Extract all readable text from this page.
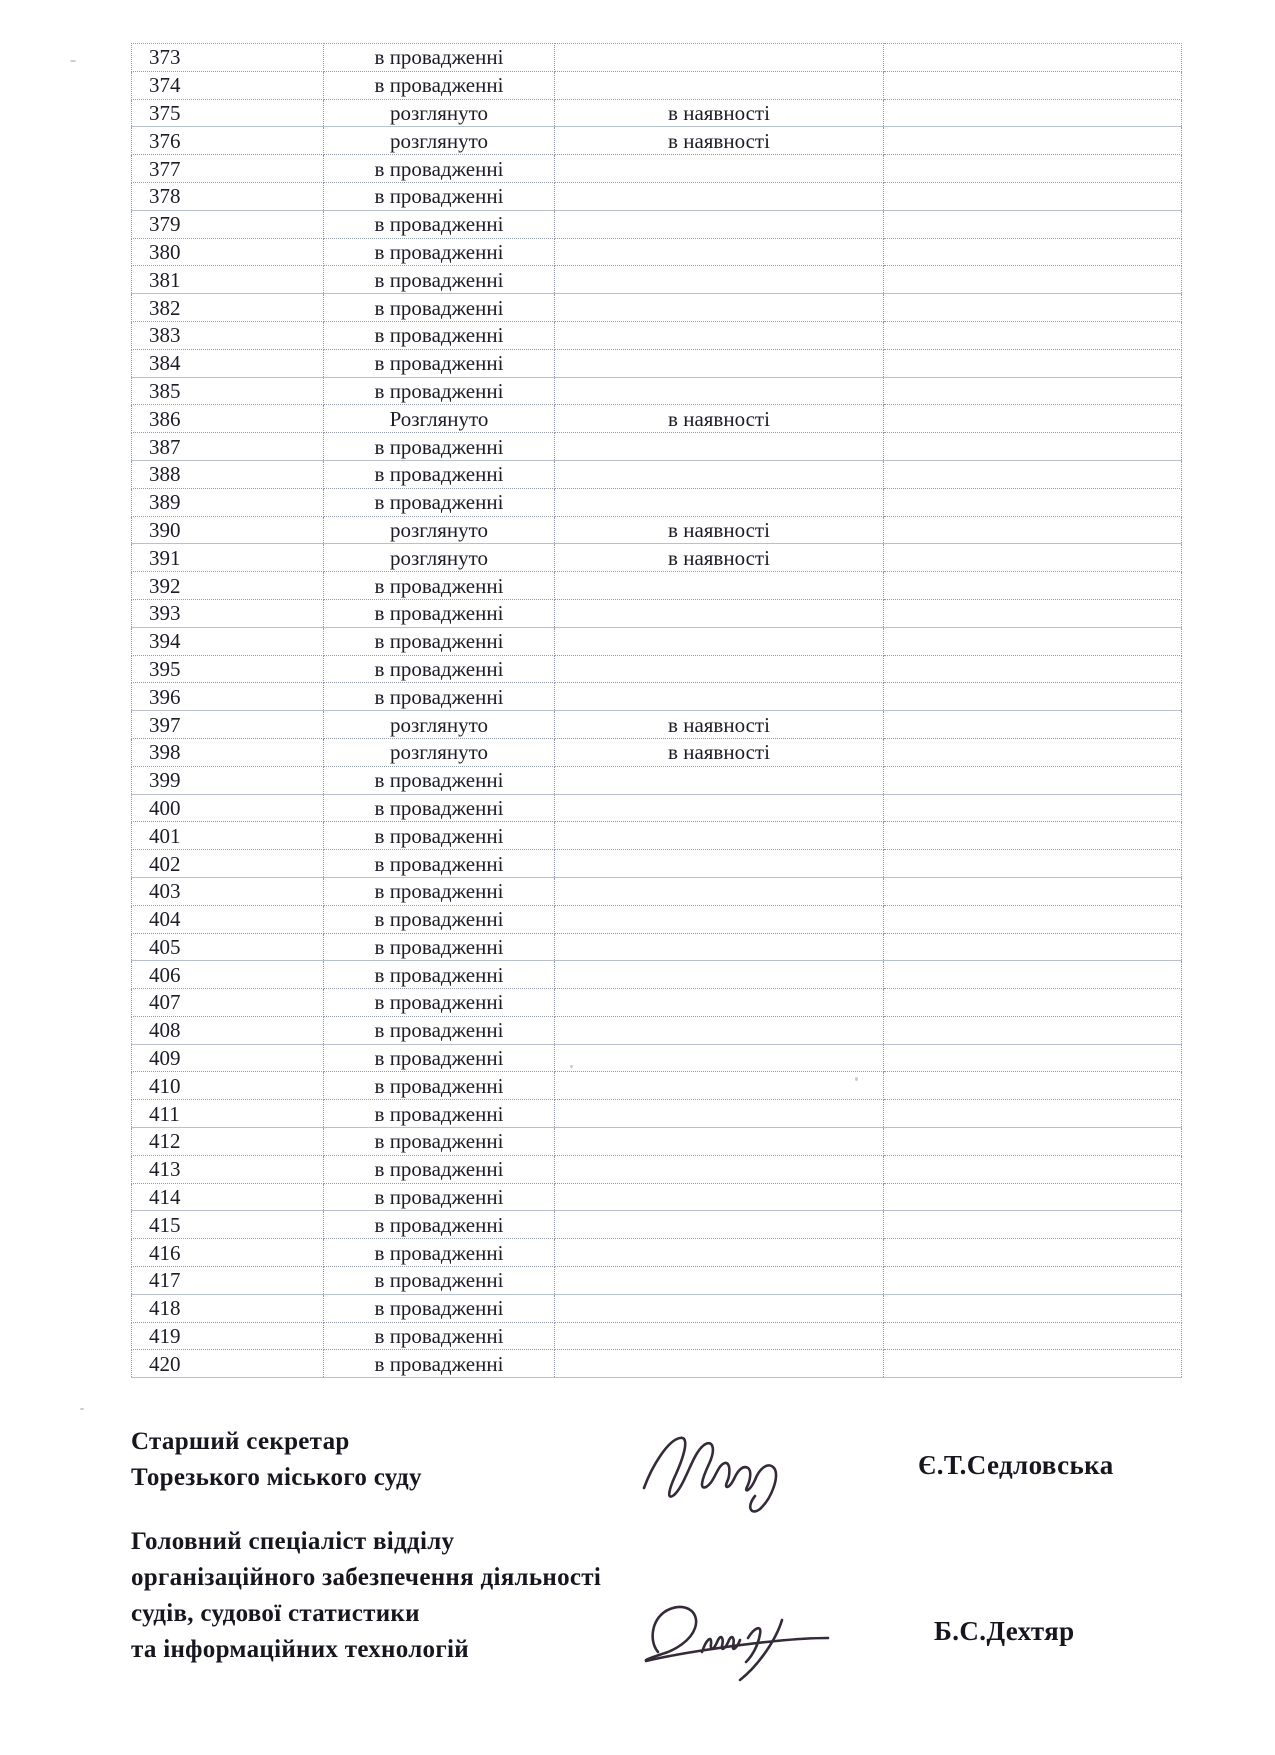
373	в провадженні		
374	в провадженні		
375	розглянуто	в наявності	
376	розглянуто	в наявності	
377	в провадженні		
378	в провадженні		
379	в провадженні		
380	в провадженні		
381	в провадженні		
382	в провадженні		
383	в провадженні		
384	в провадженні		
385	в провадженні		
386	Розглянуто	в наявності	
387	в провадженні		
388	в провадженні		
389	в провадженні		
390	розглянуто	в наявності	
391	розглянуто	в наявності	
392	в провадженні		
393	в провадженні		
394	в провадженні		
395	в провадженні		
396	в провадженні		
397	розглянуто	в наявності	
398	розглянуто	в наявності	
399	в провадженні		
400	в провадженні		
401	в провадженні		
402	в провадженні		
403	в провадженні		
404	в провадженні		
405	в провадженні		
406	в провадженні		
407	в провадженні		
408	в провадженні		
409	в провадженні		
410	в провадженні		
411	в провадженні		
412	в провадженні		
413	в провадженні		
414	в провадженні		
415	в провадженні		
416	в провадженні		
417	в провадженні		
418	в провадженні		
419	в провадженні		
420	в провадженні		
Старший секретар
Торезького міського суду	Є.Т.Седловська
Головний спеціаліст відділу
організаційного забезпечення діяльності
судів, судової статистики
та інформаційних технологій
Б.С.Дехтяр
